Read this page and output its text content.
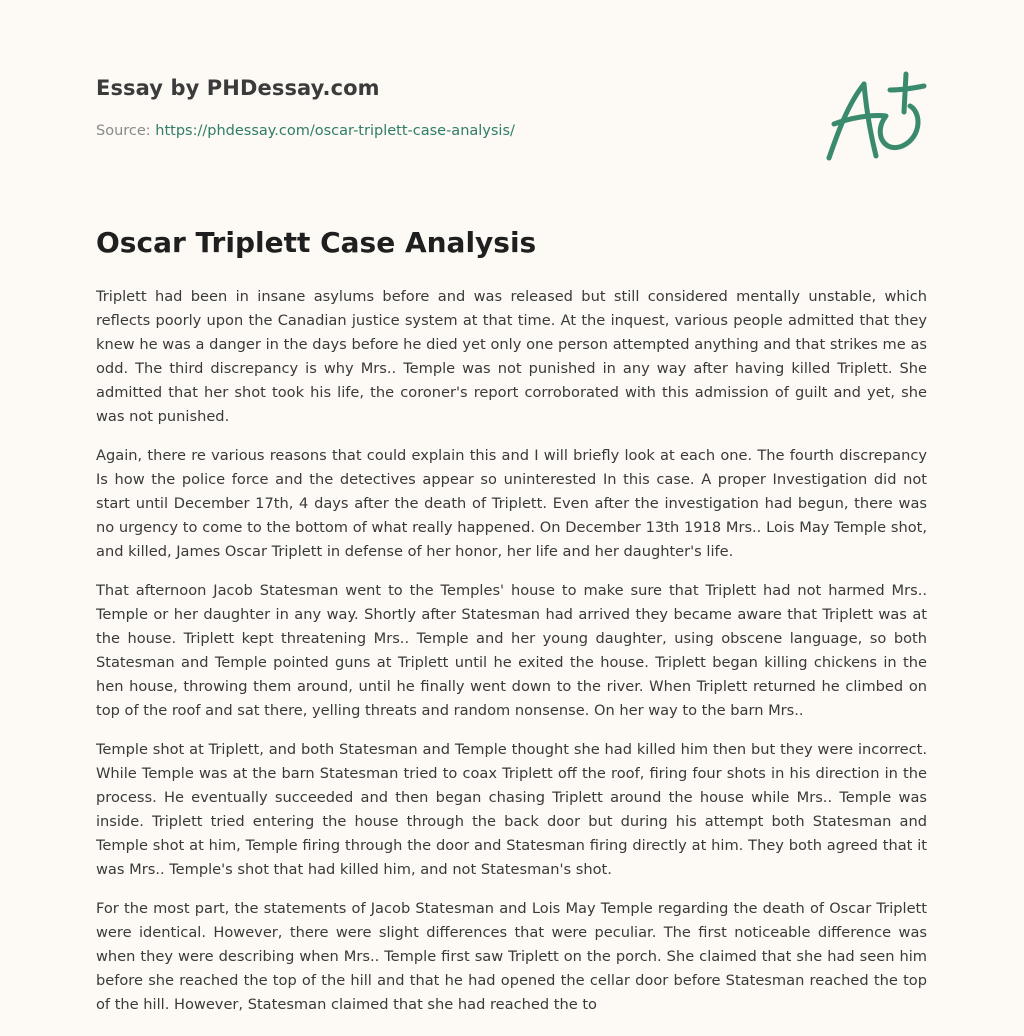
Essay by PHDessay.com
Source: https://phdessay.com/oscar-triplett-case-analysis/
Oscar Triplett Case Analysis

Triplett had been in insane asylums before and was released but still considered mentally unstable, which reflects poorly upon the Canadian justice system at that time. At the inquest, various people admitted that they knew he was a danger in the days before he died yet only one person attempted anything and that strikes me as odd. The third discrepancy is why Mrs.. Temple was not punished in any way after having killed Triplett. She admitted that her shot took his life, the coroner's report corroborated with this admission of guilt and yet, she was not punished.

Again, there re various reasons that could explain this and I will briefly look at each one. The fourth discrepancy Is how the police force and the detectives appear so uninterested In this case. A proper Investigation did not start until December 17th, 4 days after the death of Triplett. Even after the investigation had begun, there was no urgency to come to the bottom of what really happened. On December 13th 1918 Mrs.. Lois May Temple shot, and killed, James Oscar Triplett in defense of her honor, her life and her daughter's life.

That afternoon Jacob Statesman went to the Temples' house to make sure that Triplett had not harmed Mrs.. Temple or her daughter in any way. Shortly after Statesman had arrived they became aware that Triplett was at the house. Triplett kept threatening Mrs.. Temple and her young daughter, using obscene language, so both Statesman and Temple pointed guns at Triplett until he exited the house. Triplett began killing chickens in the hen house, throwing them around, until he finally went down to the river. When Triplett returned he climbed on top of the roof and sat there, yelling threats and random nonsense. On her way to the barn Mrs..

Temple shot at Triplett, and both Statesman and Temple thought she had killed him then but they were incorrect. While Temple was at the barn Statesman tried to coax Triplett off the roof, firing four shots in his direction in the process. He eventually succeeded and then began chasing Triplett around the house while Mrs.. Temple was inside. Triplett tried entering the house through the back door but during his attempt both Statesman and Temple shot at him, Temple firing through the door and Statesman firing directly at him. They both agreed that it was Mrs.. Temple's shot that had killed him, and not Statesman's shot.

For the most part, the statements of Jacob Statesman and Lois May Temple regarding the death of Oscar Triplett were identical. However, there were slight differences that were peculiar. The first noticeable difference was when they were describing when Mrs.. Temple first saw Triplett on the porch. She claimed that she had seen him before she reached the top of the hill and that he had opened the cellar door before Statesman reached the top of the hill. However, Statesman claimed that she had reached the to
